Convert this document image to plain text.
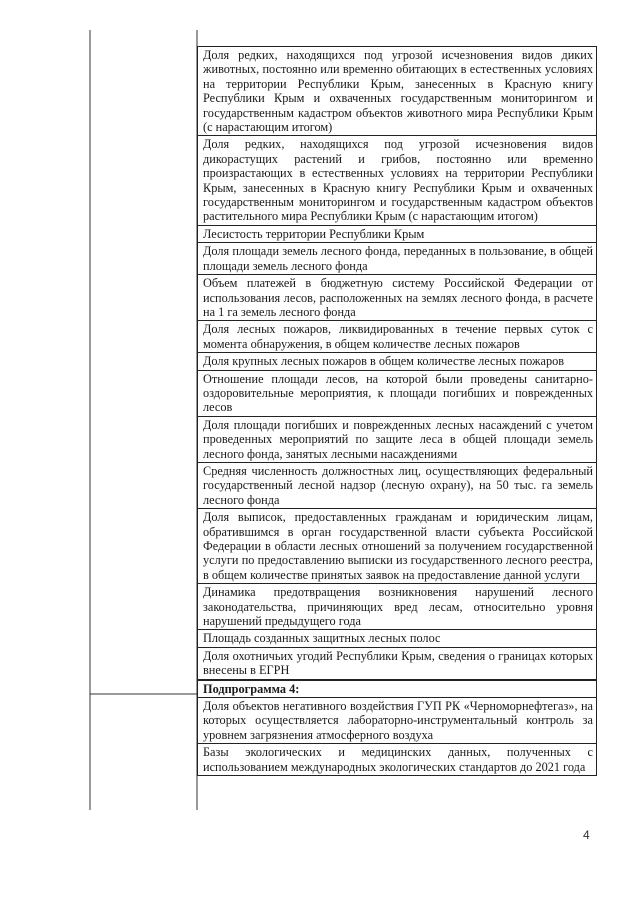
Доля редких, находящихся под угрозой исчезновения видов диких животных, постоянно или временно обитающих в естественных условиях на территории Республики Крым, занесенных в Красную книгу Республики Крым и охваченных государственным мониторингом и государственным кадастром объектов животного мира Республики Крым (с нарастающим итогом)
Доля редких, находящихся под угрозой исчезновения видов дикорастущих растений и грибов, постоянно или временно произрастающих в естественных условиях на территории Республики Крым, занесенных в Красную книгу Республики Крым и охваченных государственным мониторингом и государственным кадастром объектов растительного мира Республики Крым (с нарастающим итогом)
Лесистость территории Республики Крым
Доля площади земель лесного фонда, переданных в пользование, в общей площади земель лесного фонда
Объем платежей в бюджетную систему Российской Федерации от использования лесов, расположенных на землях лесного фонда, в расчете на 1 га земель лесного фонда
Доля лесных пожаров, ликвидированных в течение первых суток с момента обнаружения, в общем количестве лесных пожаров
Доля крупных лесных пожаров в общем количестве лесных пожаров
Отношение площади лесов, на которой были проведены санитарно-оздоровительные мероприятия, к площади погибших и поврежденных лесов
Доля площади погибших и поврежденных лесных насаждений с учетом проведенных мероприятий по защите леса в общей площади земель лесного фонда, занятых лесными насаждениями
Средняя численность должностных лиц, осуществляющих федеральный государственный лесной надзор (лесную охрану), на 50 тыс. га земель лесного фонда
Доля выписок, предоставленных гражданам и юридическим лицам, обратившимся в орган государственной власти субъекта Российской Федерации в области лесных отношений за получением государственной услуги по предоставлению выписки из государственного лесного реестра, в общем количестве принятых заявок на предоставление данной услуги
Динамика предотвращения возникновения нарушений лесного законодательства, причиняющих вред лесам, относительно уровня нарушений предыдущего года
Площадь созданных защитных лесных полос
Доля охотничьих угодий Республики Крым, сведения о границах которых внесены в ЕГРН
Подпрограмма 4:
Доля объектов негативного воздействия ГУП РК «Черноморнефтегаз», на которых осуществляется лабораторно-инструментальный контроль за уровнем загрязнения атмосферного воздуха
Базы экологических и медицинских данных, полученных с использованием международных экологических стандартов до 2021 года
4
